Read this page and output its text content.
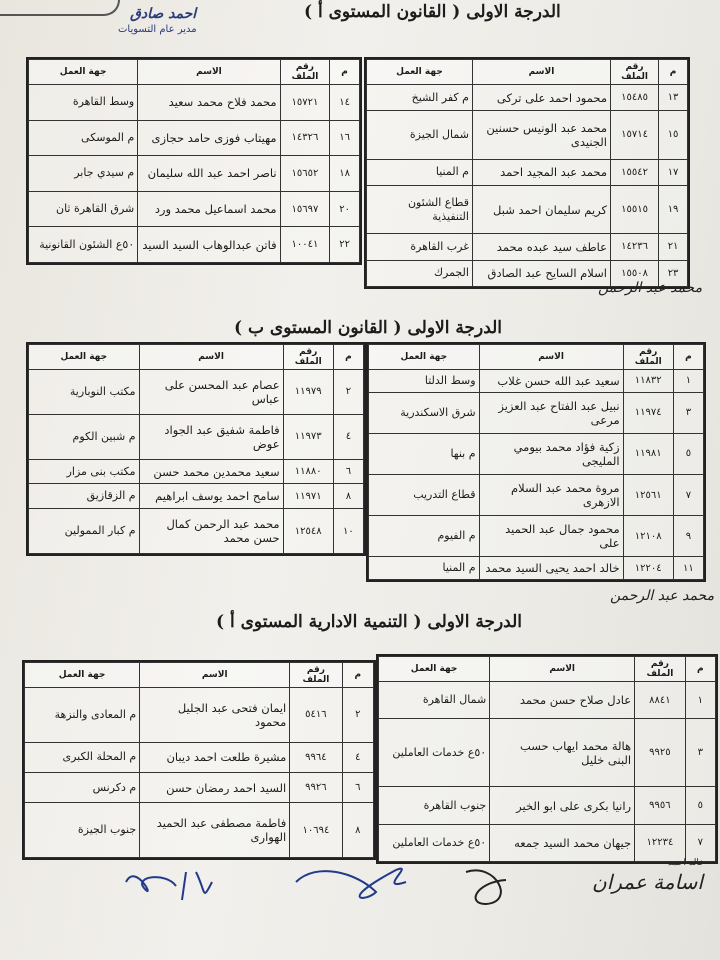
احمد صادق
مدير عام التسويات
الدرجة الاولى ( القانون المستوى أ )
م	رقم الملف	الاسم	جهة العمل
١٣	١٥٤٨٥	محمود احمد على تركى	م كفر الشيخ
١٥	١٥٧١٤	محمد عبد الونيس حسنين الجنيدى	شمال الجيزة
١٧	١٥٥٤٢	محمد عبد المجيد احمد	م المنيا
١٩	١٥٥١٥	كريم سليمان احمد شبل	قطاع الشئون التنفيذية
٢١	١٤٢٣٦	عاطف سيد عبده محمد	غرب القاهرة
٢٣	١٥٥٠٨	اسلام السايح عبد الصادق	الجمرك
م	رقم الملف	الاسم	جهة العمل
١٤	١٥٧٢١	محمد فلاح محمد سعيد	وسط القاهرة
١٦	١٤٣٢٦	مهيتاب فوزى حامد حجازى	م الموسكى
١٨	١٥٦٥٢	ناصر احمد عبد الله سليمان	م سيدي جابر
٢٠	١٥٦٩٧	محمد اسماعيل محمد ورد	شرق القاهرة ثان
٢٢	١٠٠٤١	فاتن عبدالوهاب السيد السيد	٥٠ع الشئون القانونية
محمد عبد الرحمن
الدرجة الاولى ( القانون المستوى ب )
م	رقم الملف	الاسم	جهة العمل
١	١١٨٣٢	سعيد عبد الله حسن غلاب	وسط الدلتا
٣	١١٩٧٤	نبيل عبد الفتاح عبد العزيز مرعى	شرق الاسكندرية
٥	١١٩٨١	زكية فؤاد محمد بيومي المليجى	م بنها
٧	١٢٥٦١	مروة محمد عبد السلام الازهرى	قطاع التدريب
٩	١٢١٠٨	محمود جمال عبد الحميد على	م الفيوم
١١	١٢٢٠٤	خالد احمد يحيى السيد محمد	م المنيا
م	رقم الملف	الاسم	جهة العمل
٢	١١٩٧٩	عصام عبد المحسن على عباس	مكتب النوبارية
٤	١١٩٧٣	فاطمة شفيق عبد الجواد عوض	م شبين الكوم
٦	١١٨٨٠	سعيد محمدين محمد حسن	مكتب بنى مزار
٨	١١٩٧١	سامح احمد يوسف ابراهيم	م الزقازيق
١٠	١٢٥٤٨	محمد عبد الرحمن كمال حسن محمد	م كبار الممولين
محمد عبد الرحمن
الدرجة الاولى ( التنمية الادارية المستوى أ )
م	رقم الملف	الاسم	جهة العمل
١	٨٨٤١	عادل صلاح حسن محمد	شمال القاهرة
٣	٩٩٢٥	هالة محمد ايهاب حسب البنى خليل	٥٠ع خدمات العاملين
٥	٩٩٥٦	رانيا بكرى على ابو الخير	جنوب القاهرة
٧	١٢٢٣٤	جيهان محمد السيد جمعه	٥٠ع خدمات العاملين
م	رقم الملف	الاسم	جهة العمل
٢	٥٤١٦	ايمان فتحى عبد الجليل محمود	م المعادى والنزهة
٤	٩٩٦٤	مشيرة طلعت احمد ديبان	م المحلة الكبرى
٦	٩٩٢٦	السيد احمد رمضان حسن	م دكرنس
٨	١٠٦٩٤	فاطمة مصطفى عبد الحميد الهوارى	جنوب الجيزة
اسامة عمران
خالد احمد
